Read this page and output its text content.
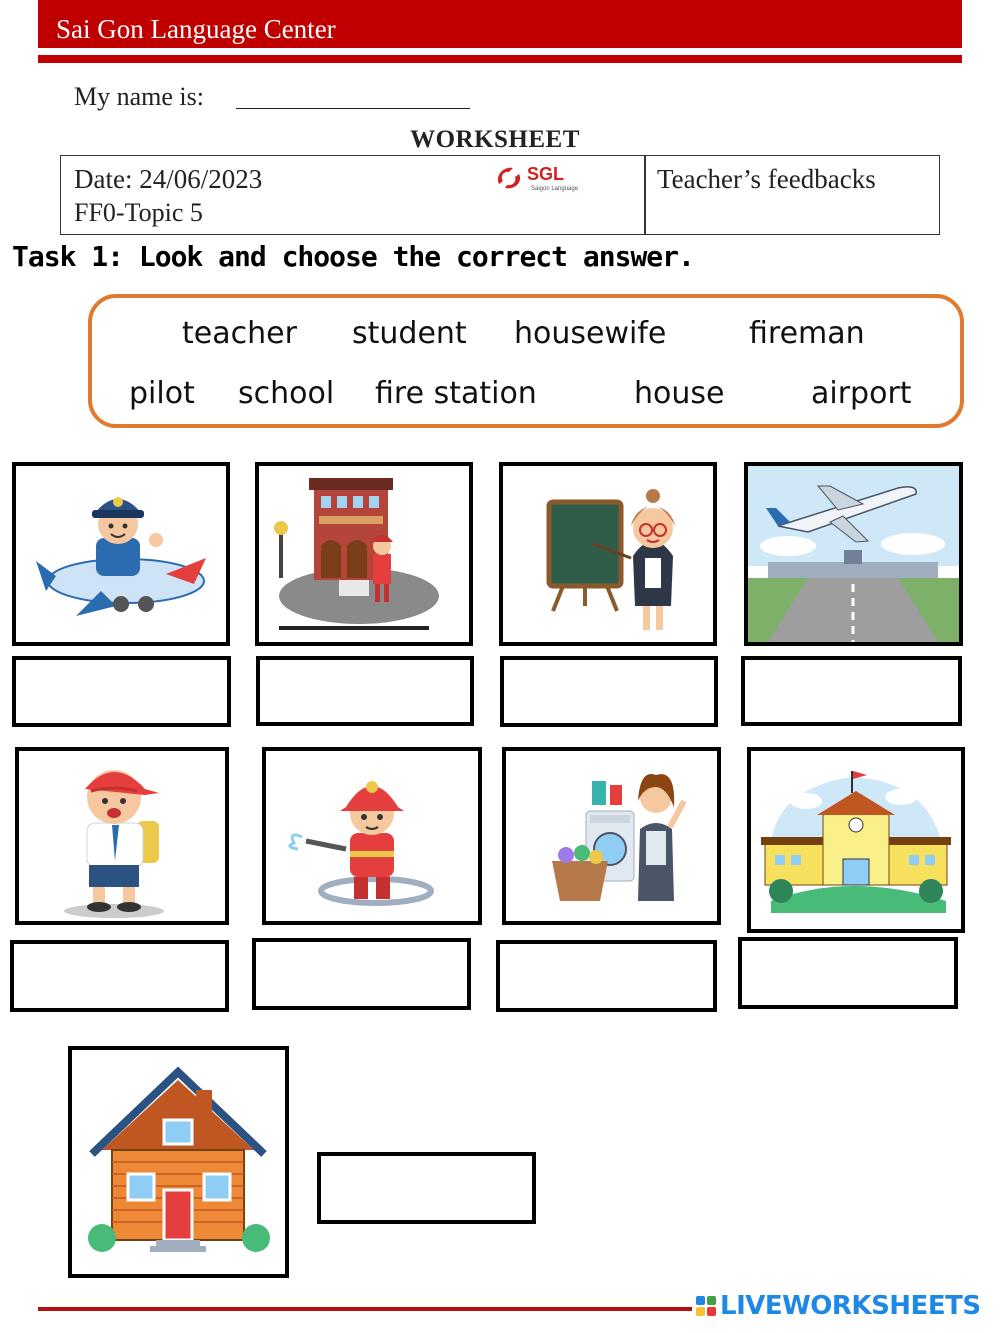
Sai Gon Language Center
My name is:
WORKSHEET
Date: 24/06/2023
FF0-Topic 5
SGL
Saigon Language	Teacher’s feedbacks
Task 1: Look and choose the correct answer.
teacher student housewife	fireman
pilot school fire station	house	airport
LIVEWORKSHEETS
